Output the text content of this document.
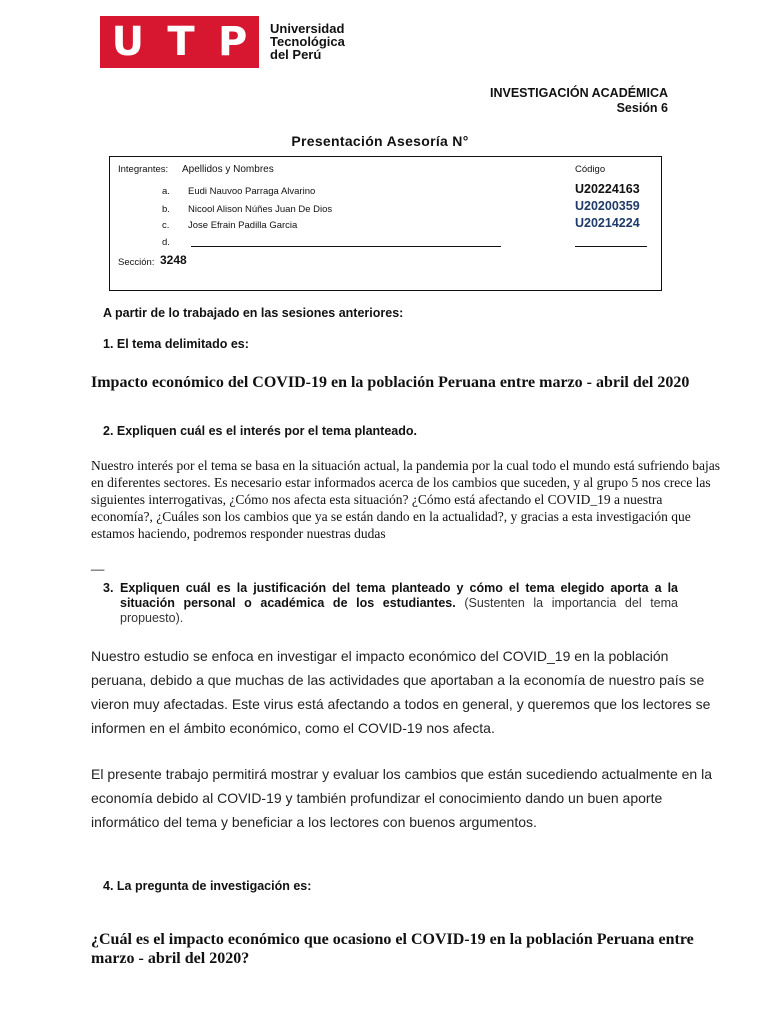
U T P Universidad
Tecnológica
del Perú
INVESTIGACIÓN ACADÉMICA
Sesión 6
Presentación Asesoría N°
Integrantes: Apellidos y Nombres	Código
a. Eudi Nauvoo Parraga Alvarino	U20224163
b. Nicool Alison Núñes Juan De Dios	U20200359
c. Jose Efrain Padilla Garcia	U20214224
d.
Sección: 3248
A partir de lo trabajado en las sesiones anteriores:
1. El tema delimitado es:
Impacto económico del COVID-19 en la población Peruana entre marzo - abril del 2020
2. Expliquen cuál es el interés por el tema planteado.
Nuestro interés por el tema se basa en la situación actual, la pandemia por la cual todo el mundo está sufriendo bajas en diferentes sectores. Es necesario estar informados acerca de los cambios que suceden, y al grupo 5 nos crece las siguientes interrogativas, ¿Cómo nos afecta esta situación? ¿Cómo está afectando el COVID_19 a nuestra economía?, ¿Cuáles son los cambios que ya se están dando en la actualidad?, y gracias a esta investigación que estamos haciendo, podremos responder nuestras dudas
__
3. Expliquen cuál es la justificación del tema planteado y cómo el tema elegido aporta a la situación personal o académica de los estudiantes. (Sustenten la importancia del tema propuesto).
Nuestro estudio se enfoca en investigar el impacto económico del COVID_19 en la población peruana, debido a que muchas de las actividades que aportaban a la economía de nuestro país se vieron muy afectadas. Este virus está afectando a todos en general, y queremos que los lectores se informen en el ámbito económico, como el COVID-19 nos afecta.
El presente trabajo permitirá mostrar y evaluar los cambios que están sucediendo actualmente en la economía debido al COVID-19 y también profundizar el conocimiento dando un buen aporte informático del tema y beneficiar a los lectores con buenos argumentos.
4. La pregunta de investigación es:
¿Cuál es el impacto económico que ocasiono el COVID-19 en la población Peruana entre marzo - abril del 2020?
